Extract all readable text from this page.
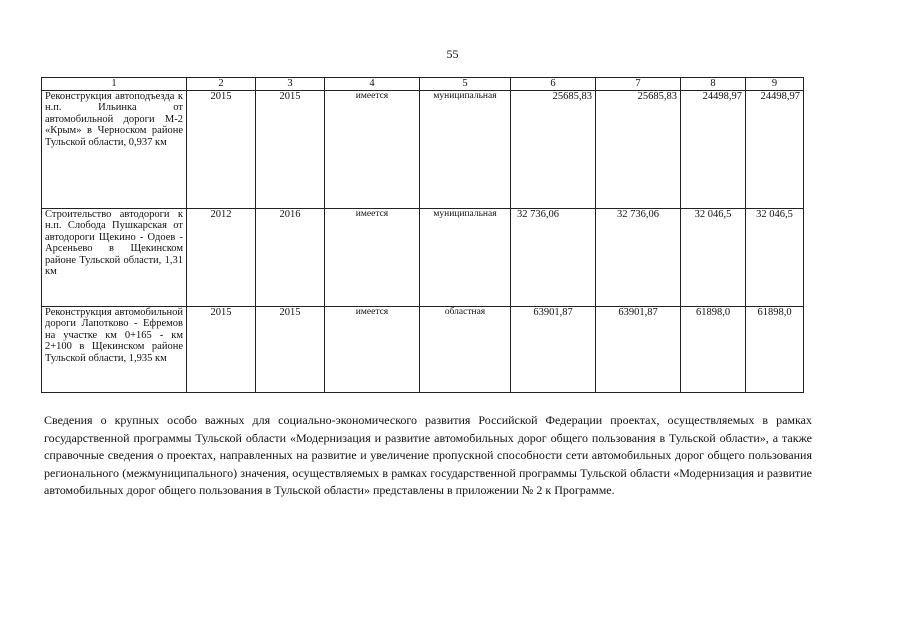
55
1	2	3	4	5	6	7	8	9
Реконструкция автоподъезда к н.п. Ильинка от автомобильной дороги М-2 «Крым» в Черноском районе Тульской области, 0,937 км	2015	2015	имеется	муниципальная	25685,83	25685,83	24498,97	24498,97
Строительство автодороги к н.п. Слобода Пушкарская от автодороги Щекино - Одоев - Арсеньево в Щекинском районе Тульской области, 1,31 км	2012	2016	имеется	муниципальная	32 736,06	32 736,06	32 046,5	32 046,5
Реконструкция автомобильной дороги Лапотково - Ефремов на участке км 0+165 - км 2+100 в Щекинском районе Тульской области, 1,935 км	2015	2015	имеется	областная	63901,87	63901,87	61898,0	61898,0
Сведения о крупных особо важных для социально-экономического развития Российской Федерации проектах, осуществляемых в рамках государственной программы Тульской области «Модернизация и развитие автомобильных дорог общего пользования в Тульской области», а также справочные сведения о проектах, направленных на развитие и увеличение пропускной способности сети автомобильных дорог общего пользования регионального (межмуниципального) значения, осуществляемых в рамках государственной программы Тульской области «Модернизация и развитие автомобильных дорог общего пользования в Тульской области» представлены в приложении № 2 к Программе.
